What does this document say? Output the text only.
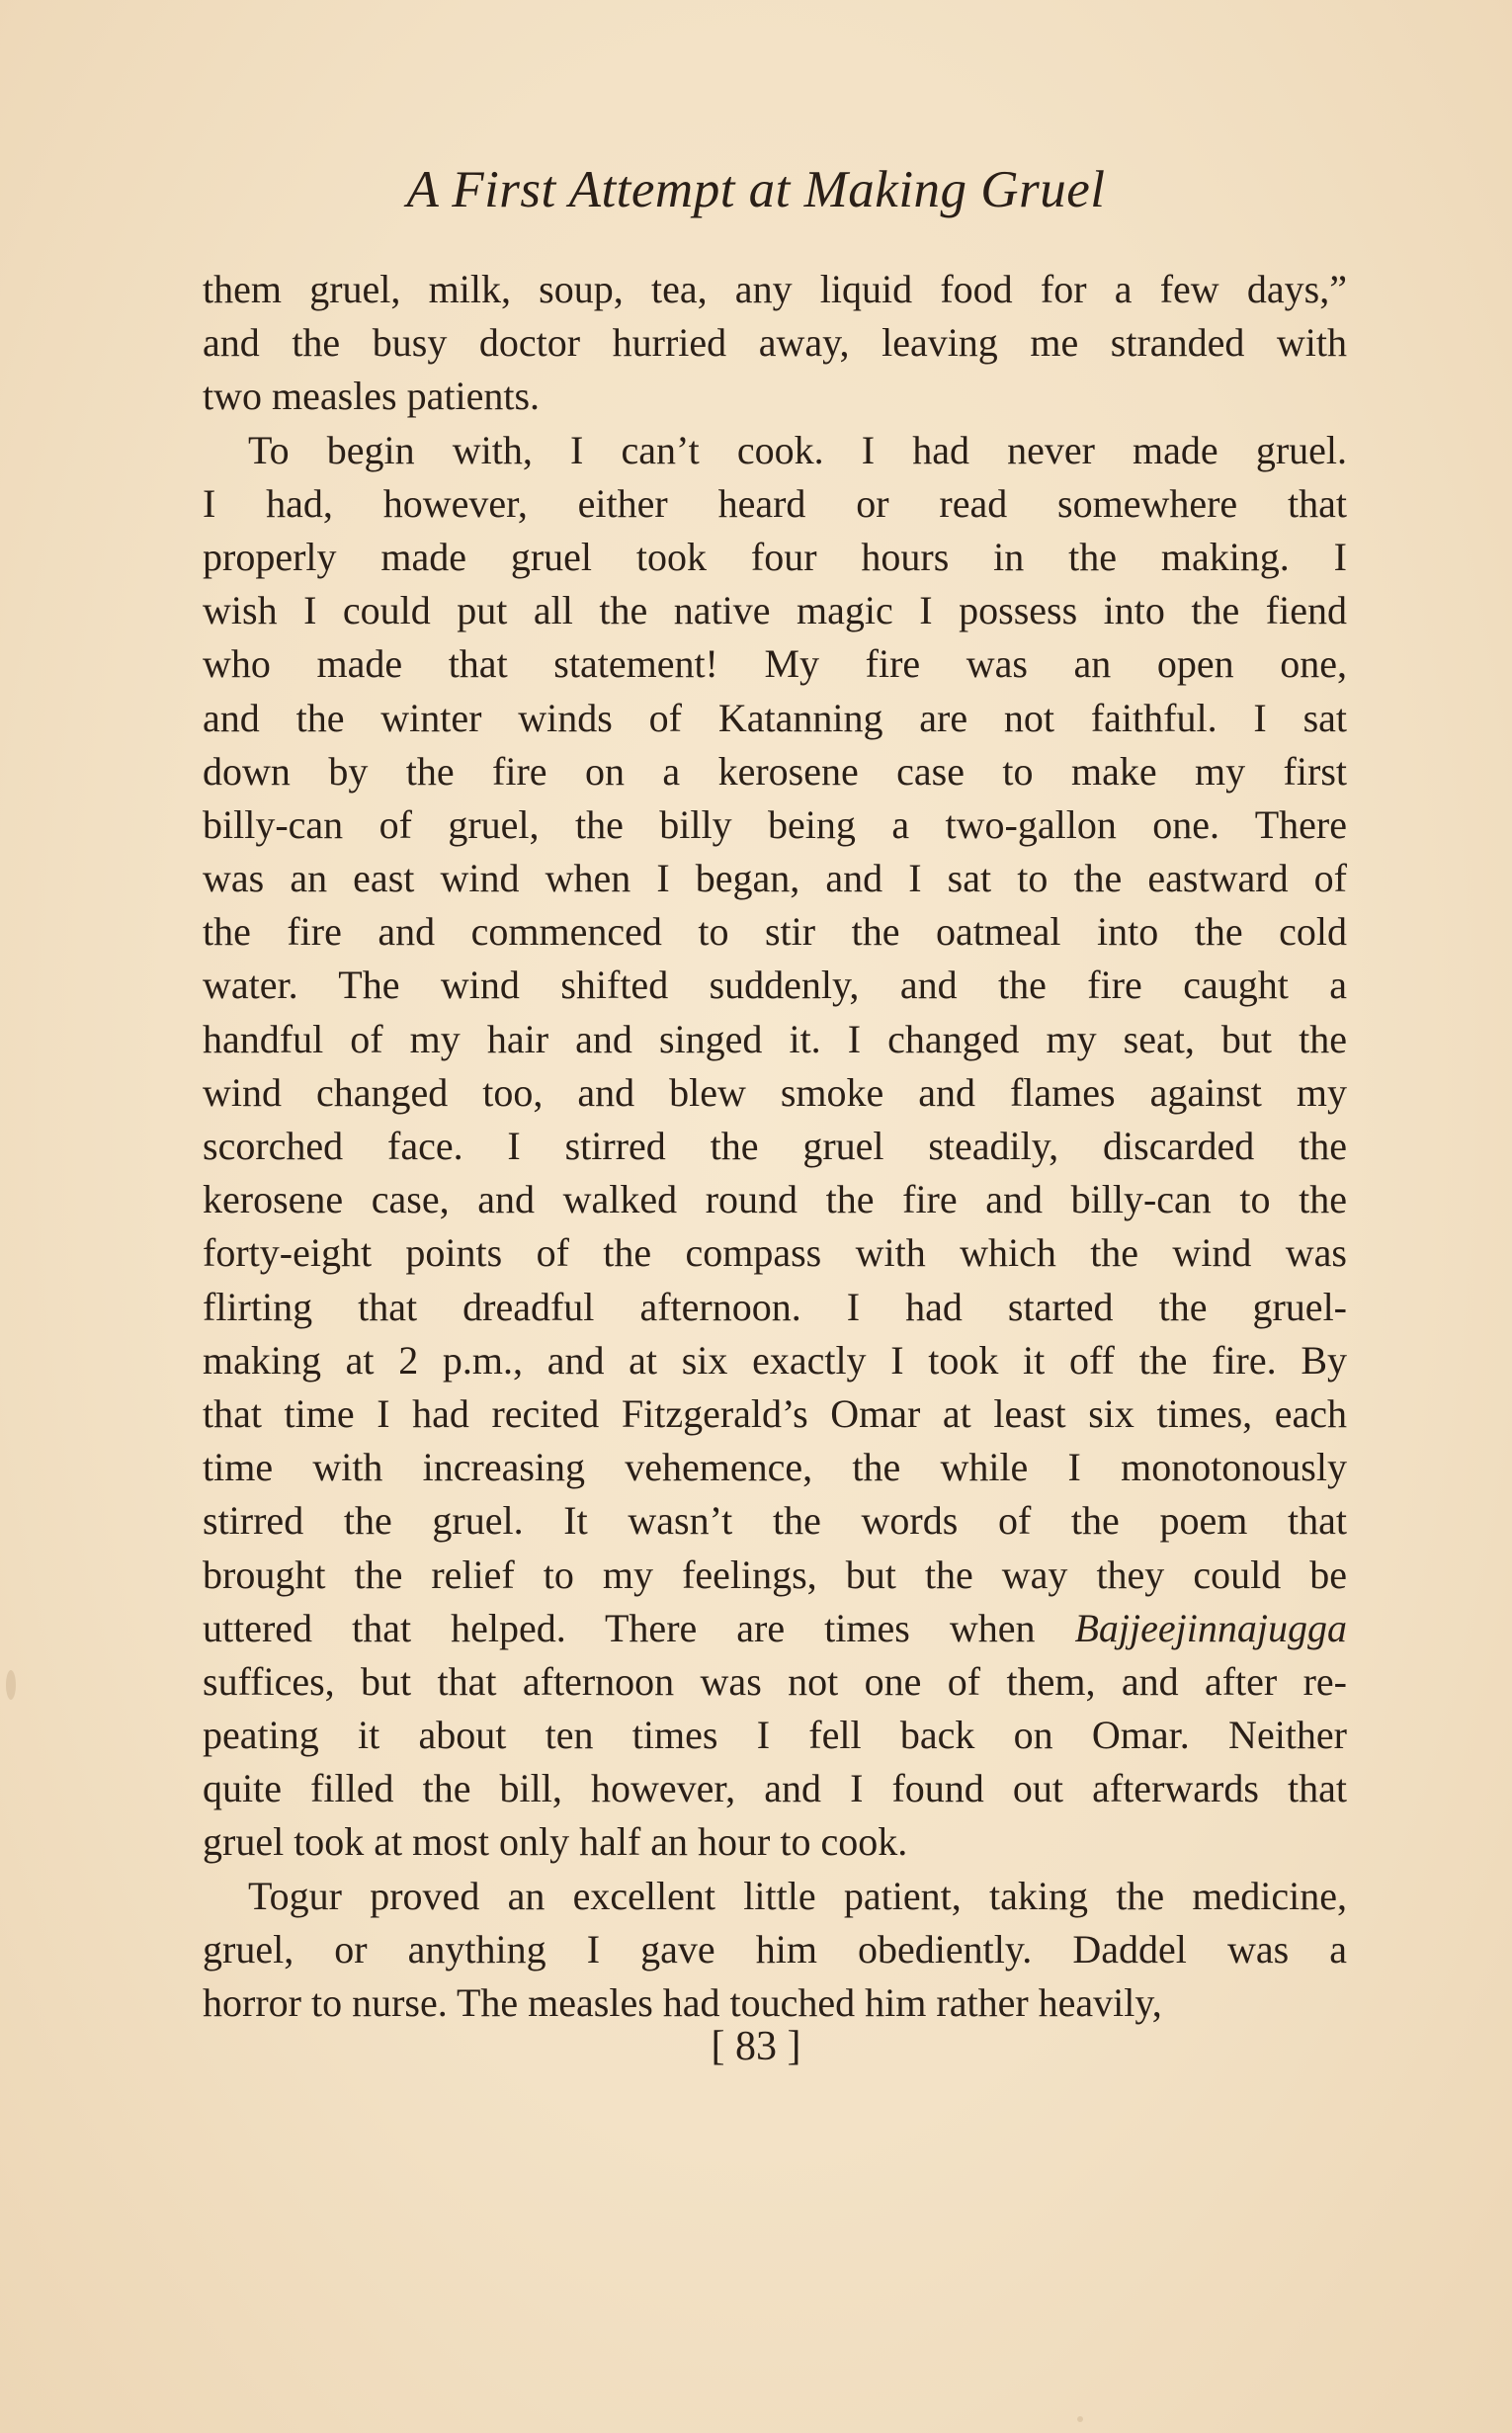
A First Attempt at Making Gruel
them gruel, milk, soup, tea, any liquid food for a few days,”
and the busy doctor hurried away, leaving me stranded with
two measles patients.
To begin with, I can’t cook. I had never made gruel.
I had, however, either heard or read somewhere that
properly made gruel took four hours in the making. I
wish I could put all the native magic I possess into the fiend
who made that statement! My fire was an open one,
and the winter winds of Katanning are not faithful. I sat
down by the fire on a kerosene case to make my first
billy-can of gruel, the billy being a two-gallon one. There
was an east wind when I began, and I sat to the eastward of
the fire and commenced to stir the oatmeal into the cold
water. The wind shifted suddenly, and the fire caught a
handful of my hair and singed it. I changed my seat, but the
wind changed too, and blew smoke and flames against my
scorched face. I stirred the gruel steadily, discarded the
kerosene case, and walked round the fire and billy-can to the
forty-eight points of the compass with which the wind was
flirting that dreadful afternoon. I had started the gruel-
making at 2 p.m., and at six exactly I took it off the fire. By
that time I had recited Fitzgerald’s Omar at least six times, each
time with increasing vehemence, the while I monotonously
stirred the gruel. It wasn’t the words of the poem that
brought the relief to my feelings, but the way they could be
uttered that helped. There are times when Bajjeejinnajugga
suffices, but that afternoon was not one of them, and after re-
peating it about ten times I fell back on Omar. Neither
quite filled the bill, however, and I found out afterwards that
gruel took at most only half an hour to cook.
Togur proved an excellent little patient, taking the medicine,
gruel, or anything I gave him obediently. Daddel was a
horror to nurse. The measles had touched him rather heavily,
[ 83 ]
